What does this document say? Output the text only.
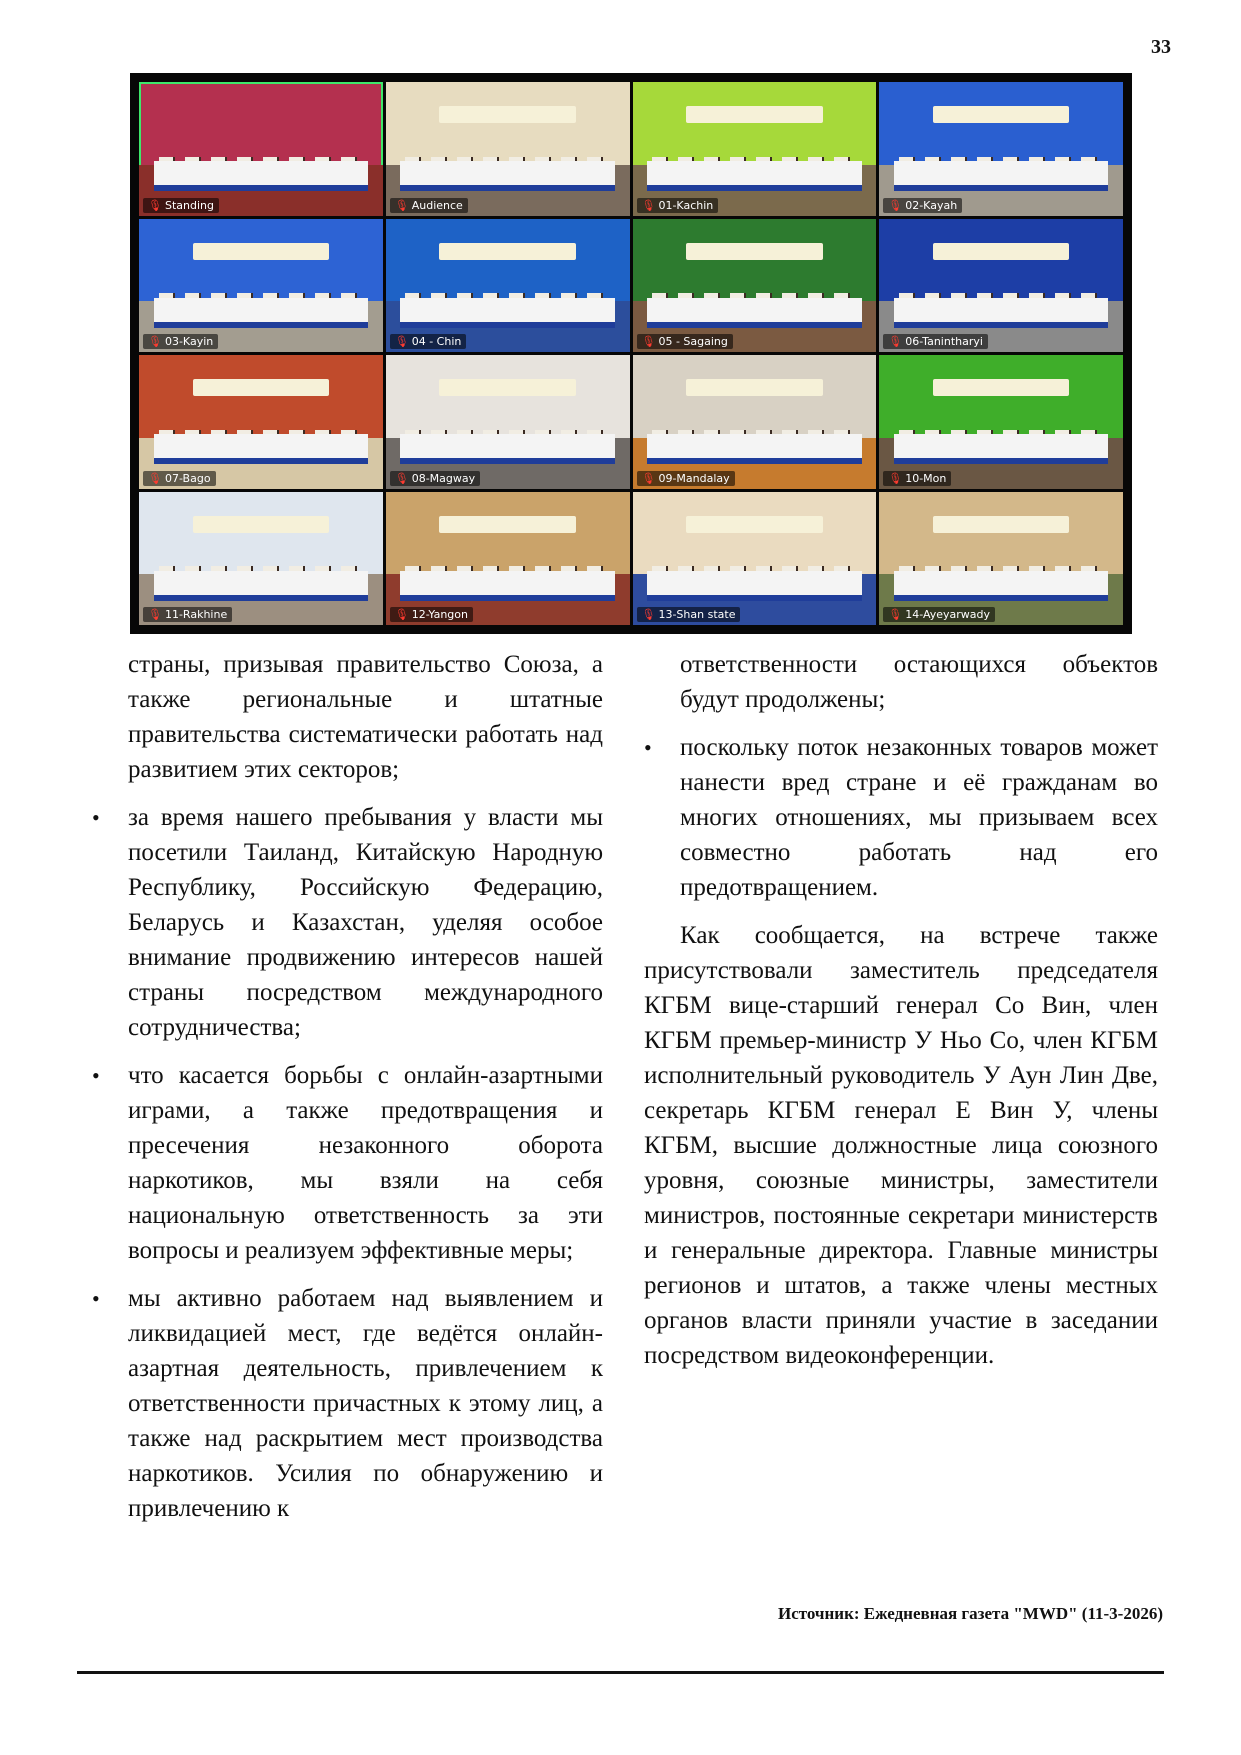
33
🎙 Standing	🎙 Audience	🎙 01-Kachin	🎙 02-Kayah
🎙 03-Kayin	🎙 04 - Chin	🎙 05 - Sagaing	🎙 06-Tanintharyi
🎙 07-Bago	🎙 08-Magway	🎙 09-Mandalay	🎙 10-Mon
🎙 11-Rakhine	🎙 12-Yangon	🎙 13-Shan state	🎙 14-Ayeyarwady

страны, призывая правительство Союза, а также региональные и штатные правительства систематически работать над развитием этих секторов;

• за время нашего пребывания у власти мы посетили Таиланд, Китайскую Народную Республику, Российскую Федерацию, Беларусь и Казахстан, уделяя особое внимание продвижению интересов нашей страны посредством международного сотрудничества;
• что касается борьбы с онлайн-азартными играми, а также предотвращения и пресечения незаконного оборота наркотиков, мы взяли на себя национальную ответственность за эти вопросы и реализуем эффективные меры;
• мы активно работаем над выявлением и ликвидацией мест, где ведётся онлайн-азартная деятельность, привлечением к ответственности причастных к этому лиц, а также над раскрытием мест производства наркотиков. Усилия по обнаружению и привлечению к

ответственности остающихся объектов будут продолжены;

• поскольку поток незаконных товаров может нанести вред стране и её гражданам во многих отношениях, мы призываем всех совместно работать над его предотвращением.

Как сообщается, на встрече также присутствовали заместитель председателя КГБМ вице-старший генерал Со Вин, член КГБМ премьер-министр У Ньо Со, член КГБМ исполнительный руководитель У Аун Лин Две, секретарь КГБМ генерал Е Вин У, члены КГБМ, высшие должностные лица союзного уровня, союзные министры, заместители министров, постоянные секретари министерств и генеральные директора. Главные министры регионов и штатов, а также члены местных органов власти приняли участие в заседании посредством видеоконференции.

Источник: Ежедневная газета "MWD" (11-3-2026)
